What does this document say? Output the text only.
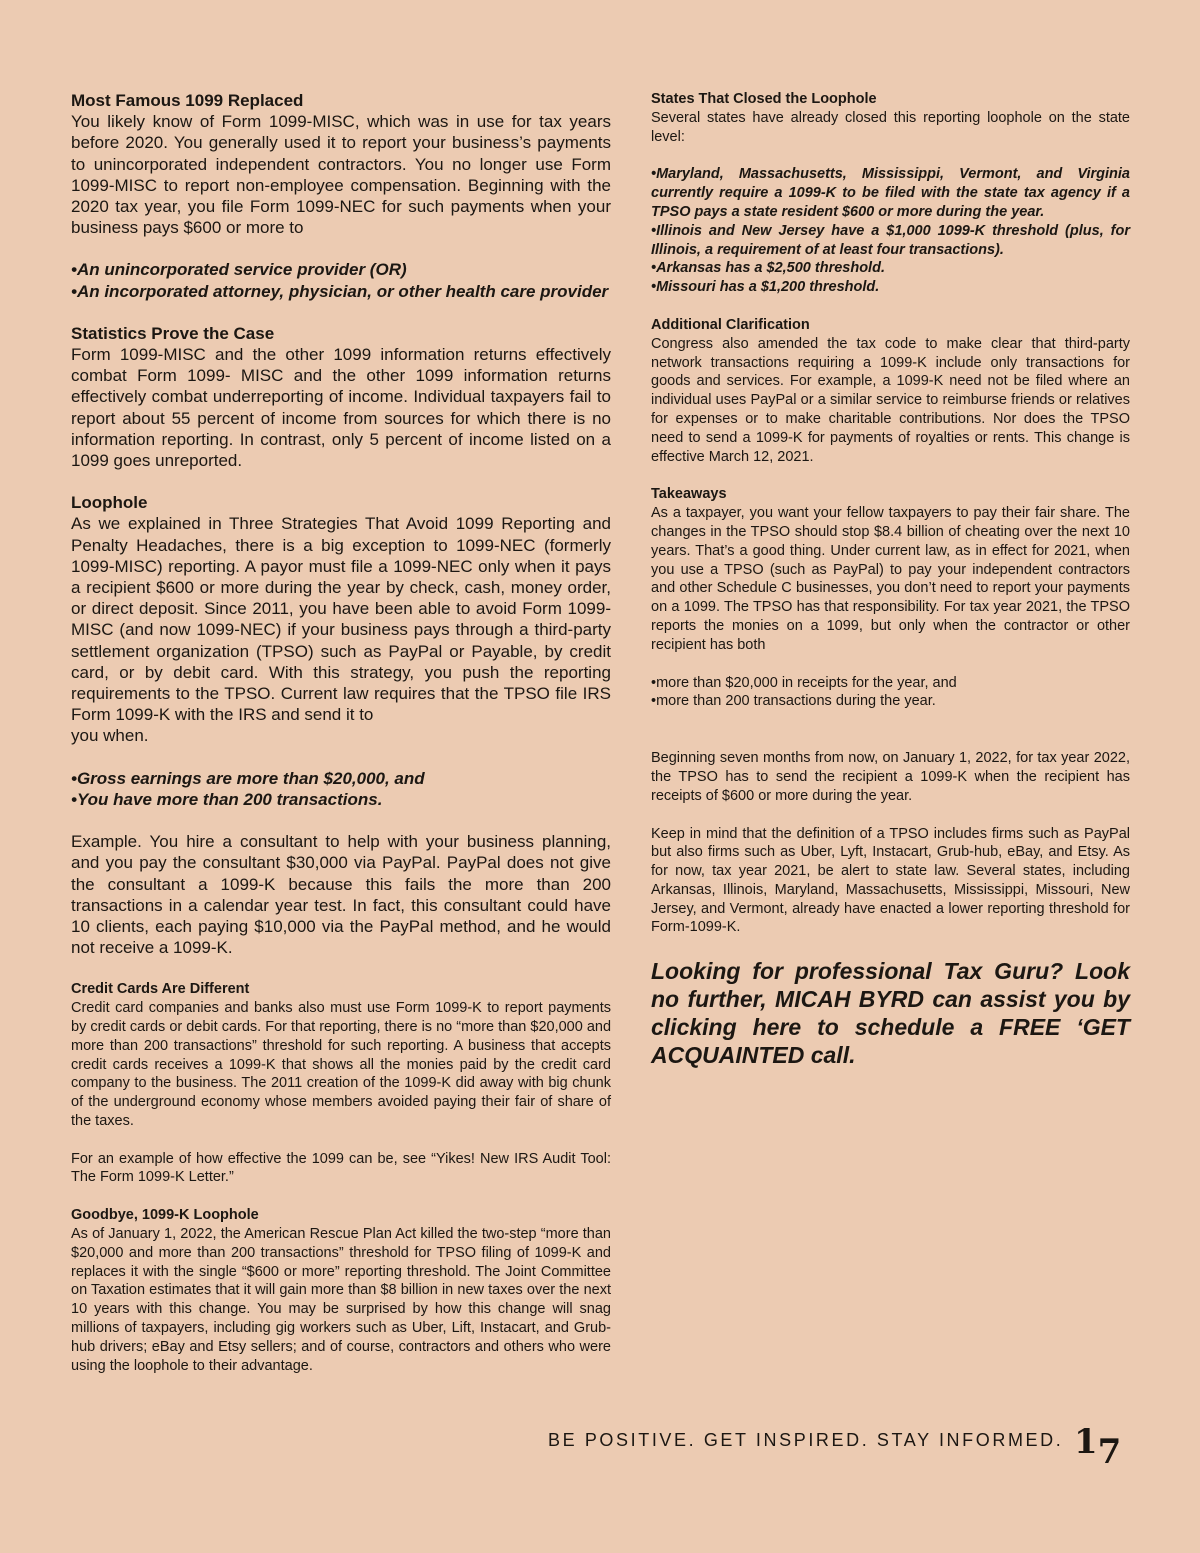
Most Famous 1099 Replaced

You likely know of Form 1099-MISC, which was in use for tax years before 2020. You generally used it to report your business’s payments to unincorporated independent contractors. You no longer use Form 1099-MISC to report non-employee compensation. Beginning with the 2020 tax year, you file Form 1099-NEC for such payments when your business pays $600 or more to

•An unincorporated service provider (OR)

•An incorporated attorney, physician, or other health care provider

Statistics Prove the Case

Form 1099-MISC and the other 1099 information returns effectively combat Form 1099- MISC and the other 1099 information returns effectively combat underreporting of income. Individual taxpayers fail to report about 55 percent of income from sources for which there is no information reporting. In contrast, only 5 percent of income listed on a 1099 goes unreported.

Loophole

As we explained in Three Strategies That Avoid 1099 Reporting and Penalty Headaches, there is a big exception to 1099-NEC (formerly 1099-MISC) reporting. A payor must file a 1099-NEC only when it pays a recipient $600 or more during the year by check, cash, money order, or direct deposit. Since 2011, you have been able to avoid Form 1099-MISC (and now 1099-NEC) if your business pays through a third-party settlement organization (TPSO) such as PayPal or Payable, by credit card, or by debit card. With this strategy, you push the reporting requirements to the TPSO. Current law requires that the TPSO file IRS Form 1099-K with the IRS and send it to

you when.

•Gross earnings are more than $20,000, and

•You have more than 200 transactions.

Example. You hire a consultant to help with your business planning, and you pay the consultant $30,000 via PayPal. PayPal does not give the consultant a 1099-K because this fails the more than 200 transactions in a calendar year test. In fact, this consultant could have 10 clients, each paying $10,000 via the PayPal method, and he would not receive a 1099-K.

Credit Cards Are Different

Credit card companies and banks also must use Form 1099-K to report payments by credit cards or debit cards. For that reporting, there is no “more than $20,000 and more than 200 transactions” threshold for such reporting. A business that accepts credit cards receives a 1099-K that shows all the monies paid by the credit card company to the business. The 2011 creation of the 1099-K did away with big chunk of the underground economy whose members avoided paying their fair of share of the taxes.

For an example of how effective the 1099 can be, see “Yikes! New IRS Audit Tool: The Form 1099-K Letter.”

Goodbye, 1099-K Loophole

As of January 1, 2022, the American Rescue Plan Act killed the two-step “more than $20,000 and more than 200 transactions” threshold for TPSO filing of 1099-K and replaces it with the single “$600 or more” reporting threshold. The Joint Committee on Taxation estimates that it will gain more than $8 billion in new taxes over the next 10 years with this change. You may be surprised by how this change will snag millions of taxpayers, including gig workers such as Uber, Lift, Instacart, and Grub-hub drivers; eBay and Etsy sellers; and of course, contractors and others who were using the loophole to their advantage.

States That Closed the Loophole

Several states have already closed this reporting loophole on the state level:

•Maryland, Massachusetts, Mississippi, Vermont, and Virginia currently require a 1099-K to be filed with the state tax agency if a TPSO pays a state resident $600 or more during the year.

•Illinois and New Jersey have a $1,000 1099-K threshold (plus, for Illinois, a requirement of at least four transactions).

•Arkansas has a $2,500 threshold.

•Missouri has a $1,200 threshold.

Additional Clarification

Congress also amended the tax code to make clear that third-party network transactions requiring a 1099-K include only transactions for goods and services. For example, a 1099-K need not be filed where an individual uses PayPal or a similar service to reimburse friends or relatives for expenses or to make charitable contributions. Nor does the TPSO need to send a 1099-K for payments of royalties or rents. This change is effective March 12, 2021.

Takeaways

As a taxpayer, you want your fellow taxpayers to pay their fair share. The changes in the TPSO should stop $8.4 billion of cheating over the next 10 years. That’s a good thing. Under current law, as in effect for 2021, when you use a TPSO (such as PayPal) to pay your independent contractors and other Schedule C businesses, you don’t need to report your payments on a 1099. The TPSO has that responsibility. For tax year 2021, the TPSO reports the monies on a 1099, but only when the contractor or other recipient has both

•more than $20,000 in receipts for the year, and

•more than 200 transactions during the year.

Beginning seven months from now, on January 1, 2022, for tax year 2022, the TPSO has to send the recipient a 1099-K when the recipient has receipts of $600 or more during the year.

Keep in mind that the definition of a TPSO includes firms such as PayPal but also firms such as Uber, Lyft, Instacart, Grub-hub, eBay, and Etsy. As for now, tax year 2021, be alert to state law. Several states, including Arkansas, Illinois, Maryland, Massachusetts, Mississippi, Missouri, New Jersey, and Vermont, already have enacted a lower reporting threshold for Form-1099-K.

Looking for professional Tax Guru? Look no further, MICAH BYRD can assist you by clicking here to schedule a FREE ‘GET ACQUAINTED call.

BE POSITIVE. GET INSPIRED. STAY INFORMED. 17
